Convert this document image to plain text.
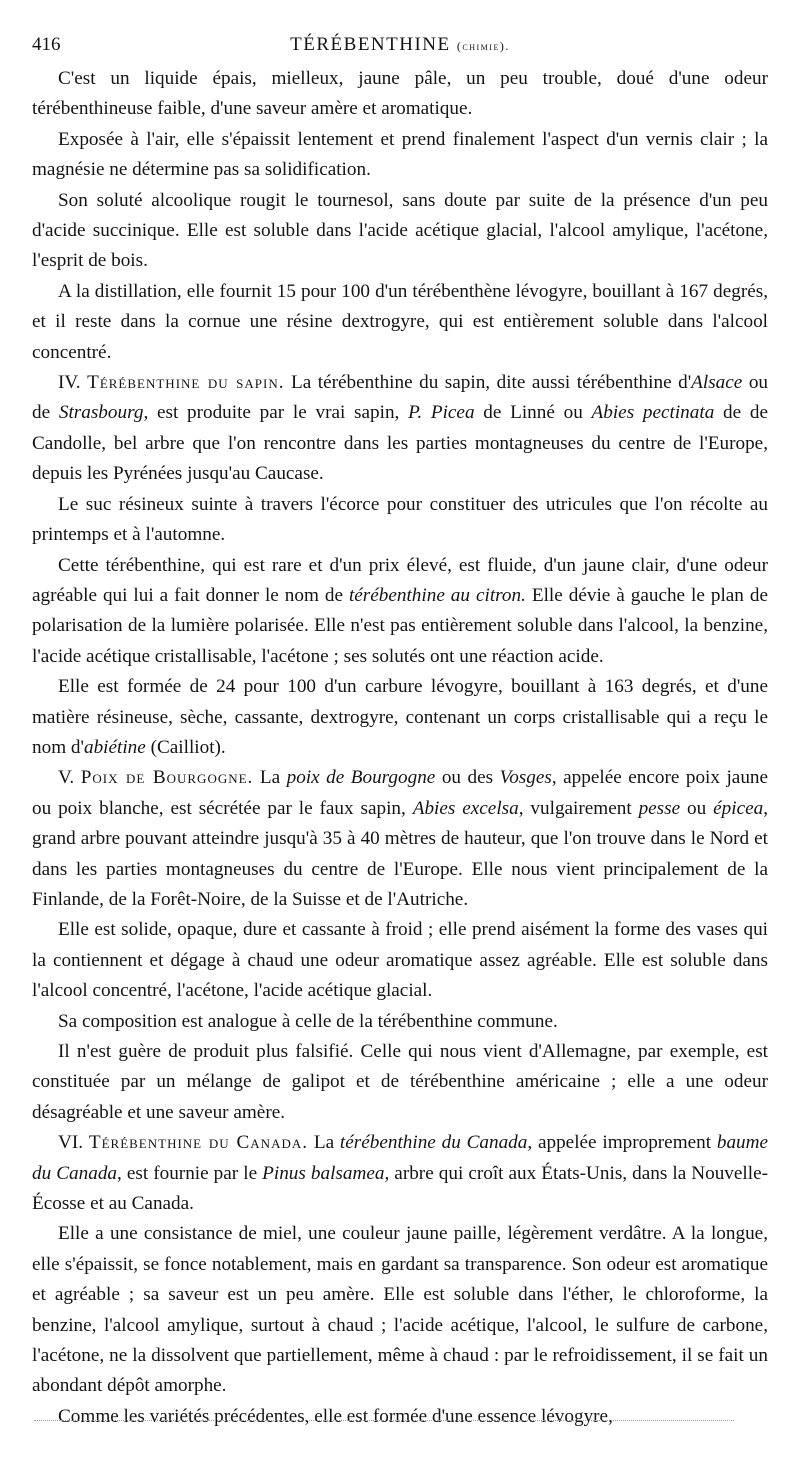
416	TÉRÉBENTHINE (chimie).

C'est un liquide épais, mielleux, jaune pâle, un peu trouble, doué d'une odeur térébenthineuse faible, d'une saveur amère et aromatique.

Exposée à l'air, elle s'épaissit lentement et prend finalement l'aspect d'un vernis clair ; la magnésie ne détermine pas sa solidification.

Son soluté alcoolique rougit le tournesol, sans doute par suite de la présence d'un peu d'acide succinique. Elle est soluble dans l'acide acétique glacial, l'alcool amylique, l'acétone, l'esprit de bois.

A la distillation, elle fournit 15 pour 100 d'un térébenthène lévogyre, bouillant à 167 degrés, et il reste dans la cornue une résine dextrogyre, qui est entièrement soluble dans l'alcool concentré.

IV. Térébenthine du sapin. La térébenthine du sapin, dite aussi térébenthine d'Alsace ou de Strasbourg, est produite par le vrai sapin, P. Picea de Linné ou Abies pectinata de de Candolle, bel arbre que l'on rencontre dans les parties montagneuses du centre de l'Europe, depuis les Pyrénées jusqu'au Caucase.

Le suc résineux suinte à travers l'écorce pour constituer des utricules que l'on récolte au printemps et à l'automne.

Cette térébenthine, qui est rare et d'un prix élevé, est fluide, d'un jaune clair, d'une odeur agréable qui lui a fait donner le nom de térébenthine au citron. Elle dévie à gauche le plan de polarisation de la lumière polarisée. Elle n'est pas entièrement soluble dans l'alcool, la benzine, l'acide acétique cristallisable, l'acétone ; ses solutés ont une réaction acide.

Elle est formée de 24 pour 100 d'un carbure lévogyre, bouillant à 163 degrés, et d'une matière résineuse, sèche, cassante, dextrogyre, contenant un corps cristallisable qui a reçu le nom d'abiétine (Cailliot).

V. Poix de Bourgogne. La poix de Bourgogne ou des Vosges, appelée encore poix jaune ou poix blanche, est sécrétée par le faux sapin, Abies excelsa, vulgairement pesse ou épicea, grand arbre pouvant atteindre jusqu'à 35 à 40 mètres de hauteur, que l'on trouve dans le Nord et dans les parties montagneuses du centre de l'Europe. Elle nous vient principalement de la Finlande, de la Forêt-Noire, de la Suisse et de l'Autriche.

Elle est solide, opaque, dure et cassante à froid ; elle prend aisément la forme des vases qui la contiennent et dégage à chaud une odeur aromatique assez agréable. Elle est soluble dans l'alcool concentré, l'acétone, l'acide acétique glacial.

Sa composition est analogue à celle de la térébenthine commune.

Il n'est guère de produit plus falsifié. Celle qui nous vient d'Allemagne, par exemple, est constituée par un mélange de galipot et de térébenthine américaine ; elle a une odeur désagréable et une saveur amère.

VI. Térébenthine du Canada. La térébenthine du Canada, appelée improprement baume du Canada, est fournie par le Pinus balsamea, arbre qui croît aux États-Unis, dans la Nouvelle-Écosse et au Canada.

Elle a une consistance de miel, une couleur jaune paille, légèrement verdâtre. A la longue, elle s'épaissit, se fonce notablement, mais en gardant sa transparence. Son odeur est aromatique et agréable ; sa saveur est un peu amère. Elle est soluble dans l'éther, le chloroforme, la benzine, l'alcool amylique, surtout à chaud ; l'acide acétique, l'alcool, le sulfure de carbone, l'acétone, ne la dissolvent que partiellement, même à chaud : par le refroidissement, il se fait un abondant dépôt amorphe.

Comme les variétés précédentes, elle est formée d'une essence lévogyre,
